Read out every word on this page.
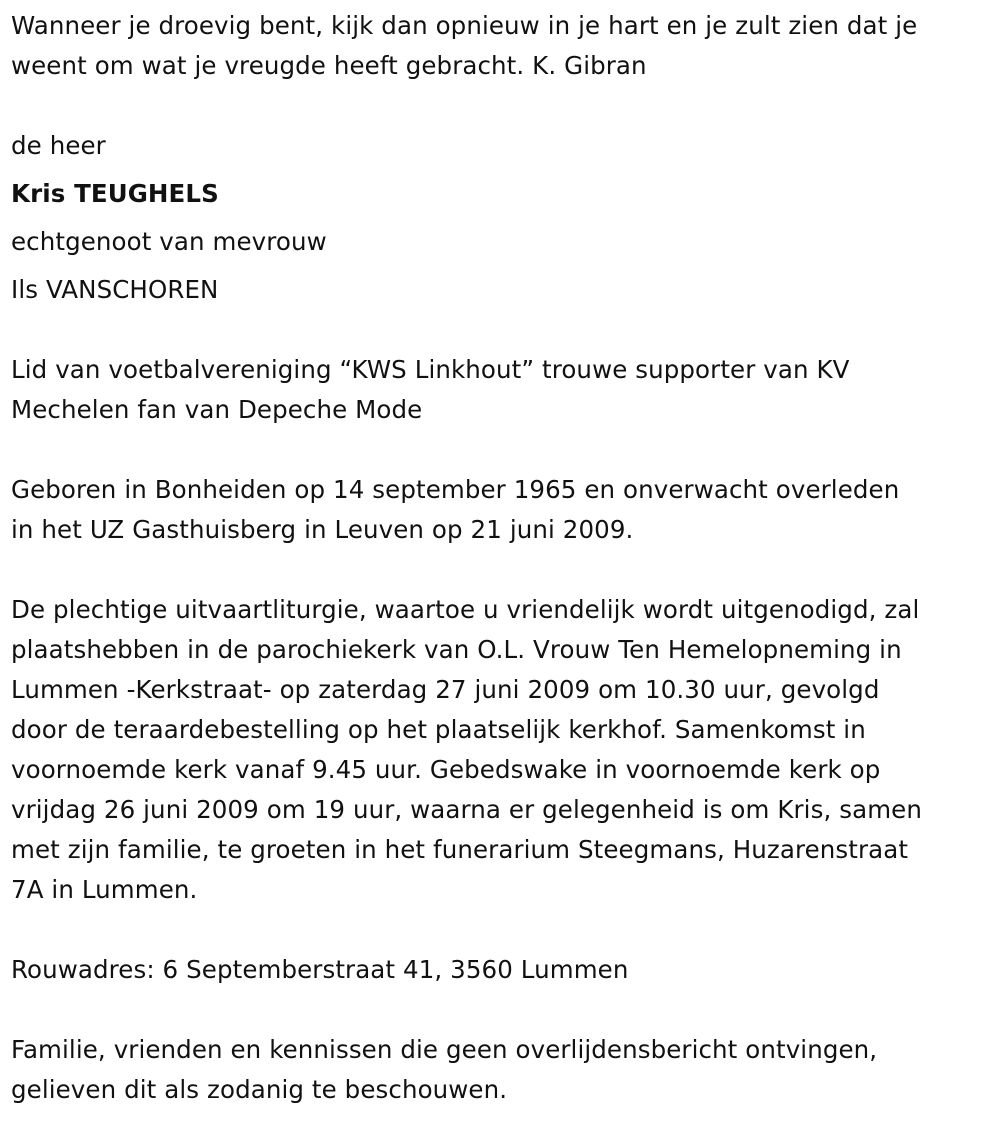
Wanneer je droevig bent, kijk dan opnieuw in je hart en je zult zien dat je

weent om wat je vreugde heeft gebracht. K. Gibran

de heer

Kris TEUGHELS

echtgenoot van mevrouw

Ils VANSCHOREN

Lid van voetbalvereniging “KWS Linkhout” trouwe supporter van KV

Mechelen fan van Depeche Mode

Geboren in Bonheiden op 14 september 1965 en onverwacht overleden

in het UZ Gasthuisberg in Leuven op 21 juni 2009.

De plechtige uitvaartliturgie, waartoe u vriendelijk wordt uitgenodigd, zal

plaatshebben in de parochiekerk van O.L. Vrouw Ten Hemelopneming in

Lummen -Kerkstraat- op zaterdag 27 juni 2009 om 10.30 uur, gevolgd

door de teraardebestelling op het plaatselijk kerkhof. Samenkomst in

voornoemde kerk vanaf 9.45 uur. Gebedswake in voornoemde kerk op

vrijdag 26 juni 2009 om 19 uur, waarna er gelegenheid is om Kris, samen

met zijn familie, te groeten in het funerarium Steegmans, Huzarenstraat

7A in Lummen.

Rouwadres: 6 Septemberstraat 41, 3560 Lummen

Familie, vrienden en kennissen die geen overlijdensbericht ontvingen,

gelieven dit als zodanig te beschouwen.
